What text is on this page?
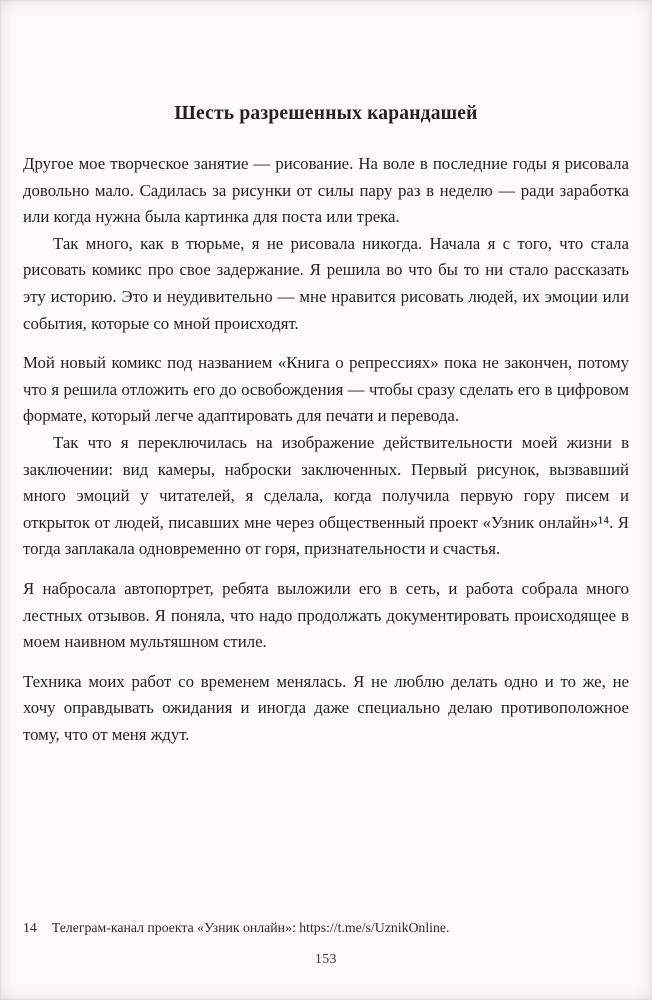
Шесть разрешенных карандашей

Другое мое творческое занятие — рисование. На воле в последние годы я рисовала довольно мало. Садилась за рисунки от силы пару раз в неделю — ради заработка или когда нужна была картинка для поста или трека.

Так много, как в тюрьме, я не рисовала никогда. Начала я с того, что стала рисовать комикс про свое задержание. Я решила во что бы то ни стало рассказать эту историю. Это и неудивительно — мне нравится рисовать людей, их эмоции или события, которые со мной происходят.

Мой новый комикс под названием «Книга о репрессиях» пока не закончен, потому что я решила отложить его до освобождения — чтобы сразу сделать его в цифровом формате, который легче адаптировать для печати и перевода.

Так что я переключилась на изображение действительности моей жизни в заключении: вид камеры, наброски заключенных. Первый рисунок, вызвавший много эмоций у читателей, я сделала, когда получила первую гору писем и открыток от людей, писавших мне через общественный проект «Узник онлайн»¹⁴. Я тогда заплакала одновременно от горя, признательности и счастья.

Я набросала автопортрет, ребята выложили его в сеть, и работа собрала много лестных отзывов. Я поняла, что надо продолжать документировать происходящее в моем наивном мультяшном стиле.

Техника моих работ со временем менялась. Я не люблю делать одно и то же, не хочу оправдывать ожидания и иногда даже специально делаю противоположное тому, что от меня ждут.

14 Телеграм-канал проекта «Узник онлайн»: https://t.me/s/UznikOnline.
153
